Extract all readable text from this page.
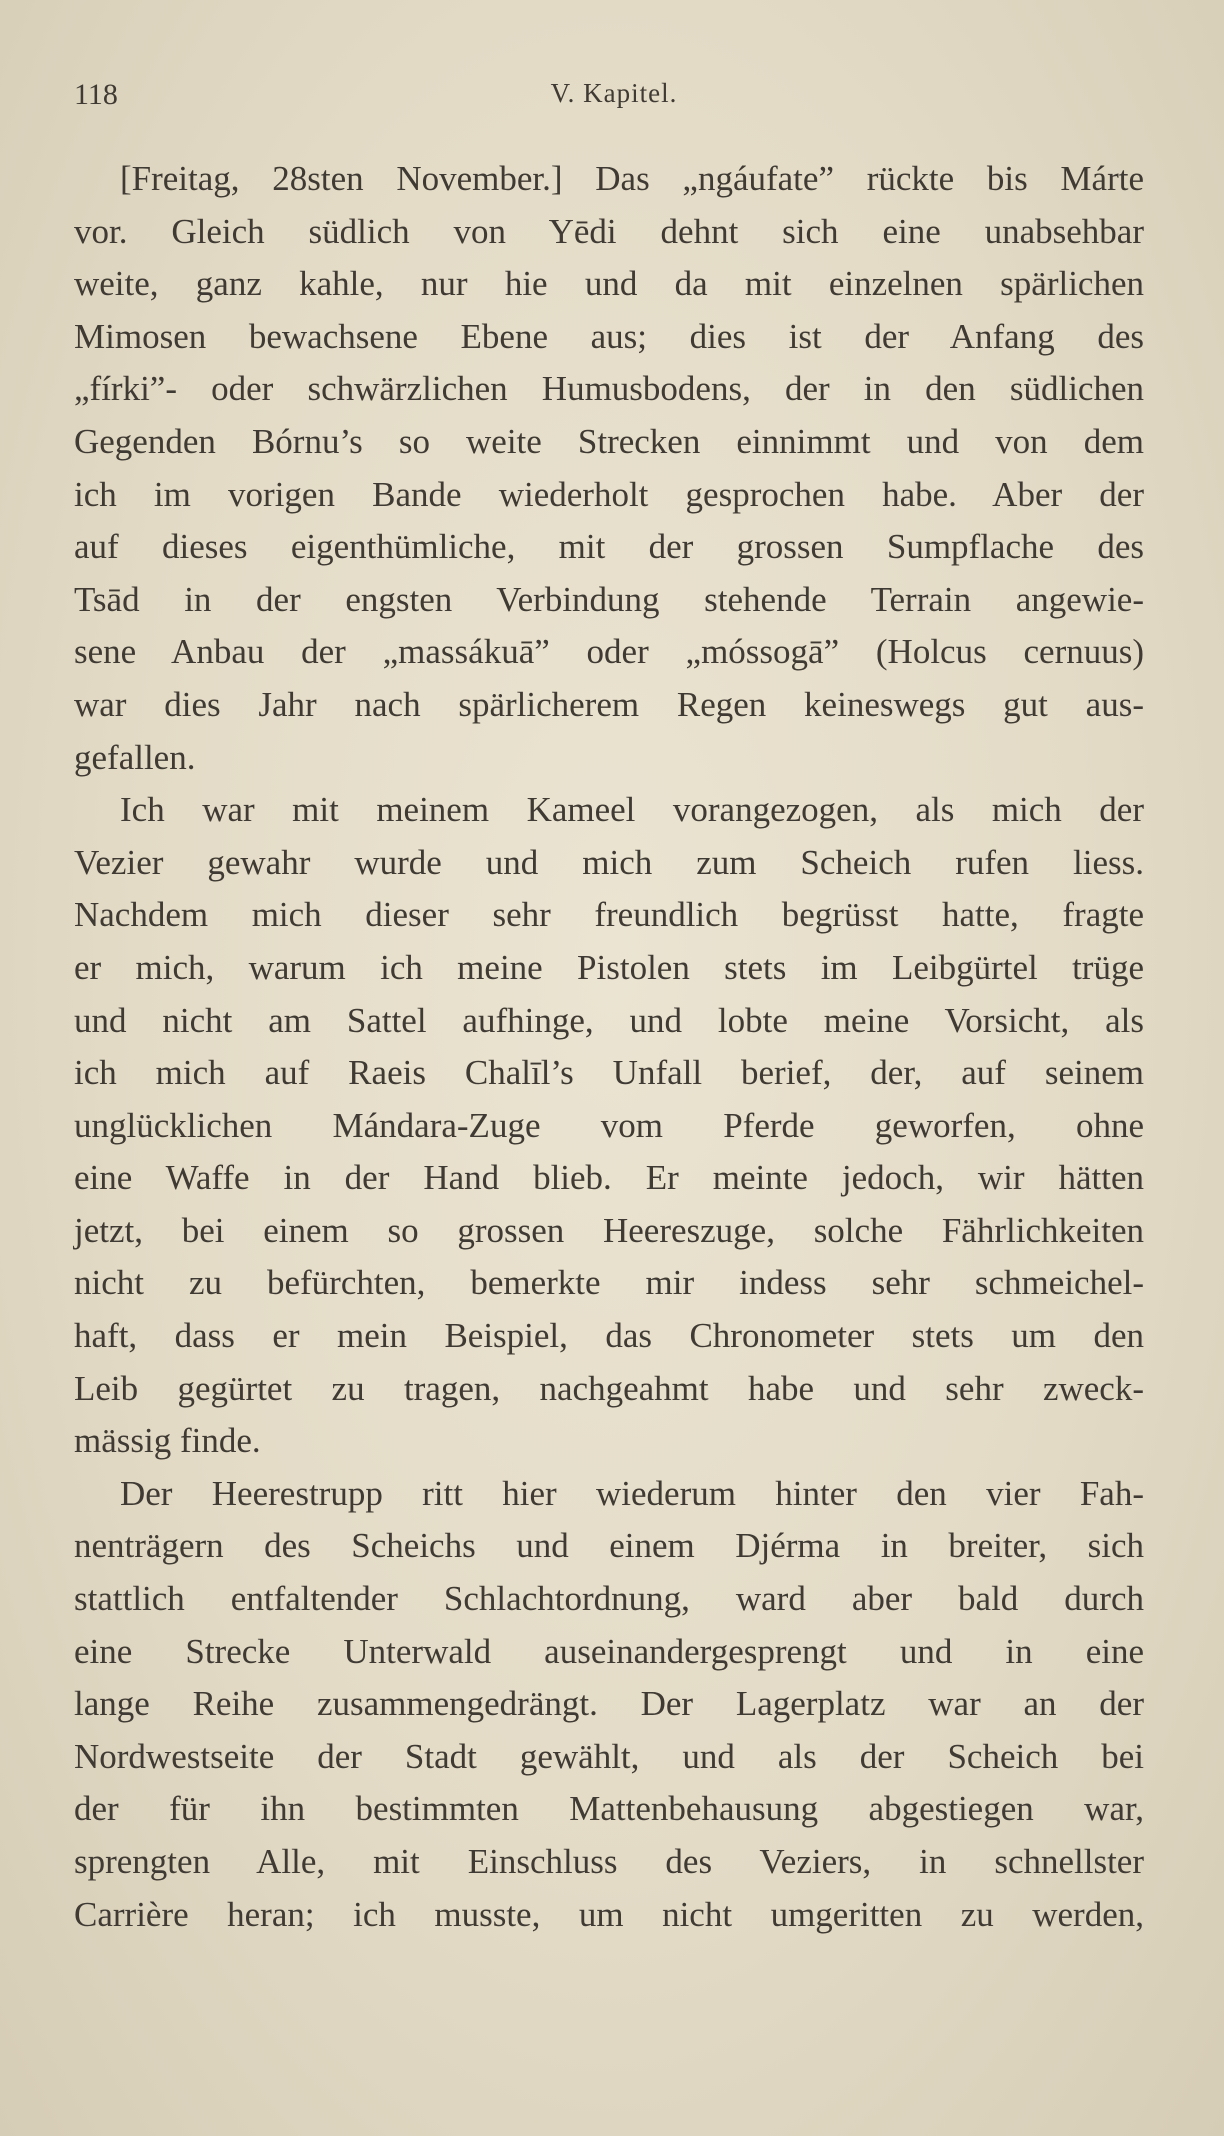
118	V. Kapitel.
[Freitag, 28sten November.] Das „ngáufate” rückte bis Márte
vor. Gleich südlich von Yēdi dehnt sich eine unabsehbar
weite, ganz kahle, nur hie und da mit einzelnen spärlichen
Mimosen bewachsene Ebene aus; dies ist der Anfang des
„fírki”- oder schwärzlichen Humusbodens, der in den südlichen
Gegenden Bórnu’s so weite Strecken einnimmt und von dem
ich im vorigen Bande wiederholt gesprochen habe. Aber der
auf dieses eigenthümliche, mit der grossen Sumpflache des
Tsād in der engsten Verbindung stehende Terrain angewie-
sene Anbau der „massákuā” oder „móssogā” (Holcus cernuus)
war dies Jahr nach spärlicherem Regen keineswegs gut aus-
gefallen.
Ich war mit meinem Kameel vorangezogen, als mich der
Vezier gewahr wurde und mich zum Scheich rufen liess.
Nachdem mich dieser sehr freundlich begrüsst hatte, fragte
er mich, warum ich meine Pistolen stets im Leibgürtel trüge
und nicht am Sattel aufhinge, und lobte meine Vorsicht, als
ich mich auf Raeis Chalīl’s Unfall berief, der, auf seinem
unglücklichen Mándara-Zuge vom Pferde geworfen, ohne
eine Waffe in der Hand blieb. Er meinte jedoch, wir hätten
jetzt, bei einem so grossen Heereszuge, solche Fährlichkeiten
nicht zu befürchten, bemerkte mir indess sehr schmeichel-
haft, dass er mein Beispiel, das Chronometer stets um den
Leib gegürtet zu tragen, nachgeahmt habe und sehr zweck-
mässig finde.
Der Heerestrupp ritt hier wiederum hinter den vier Fah-
nenträgern des Scheichs und einem Djérma in breiter, sich
stattlich entfaltender Schlachtordnung, ward aber bald durch
eine Strecke Unterwald auseinandergesprengt und in eine
lange Reihe zusammengedrängt. Der Lagerplatz war an der
Nordwestseite der Stadt gewählt, und als der Scheich bei
der für ihn bestimmten Mattenbehausung abgestiegen war,
sprengten Alle, mit Einschluss des Veziers, in schnellster
Carrière heran; ich musste, um nicht umgeritten zu werden,
